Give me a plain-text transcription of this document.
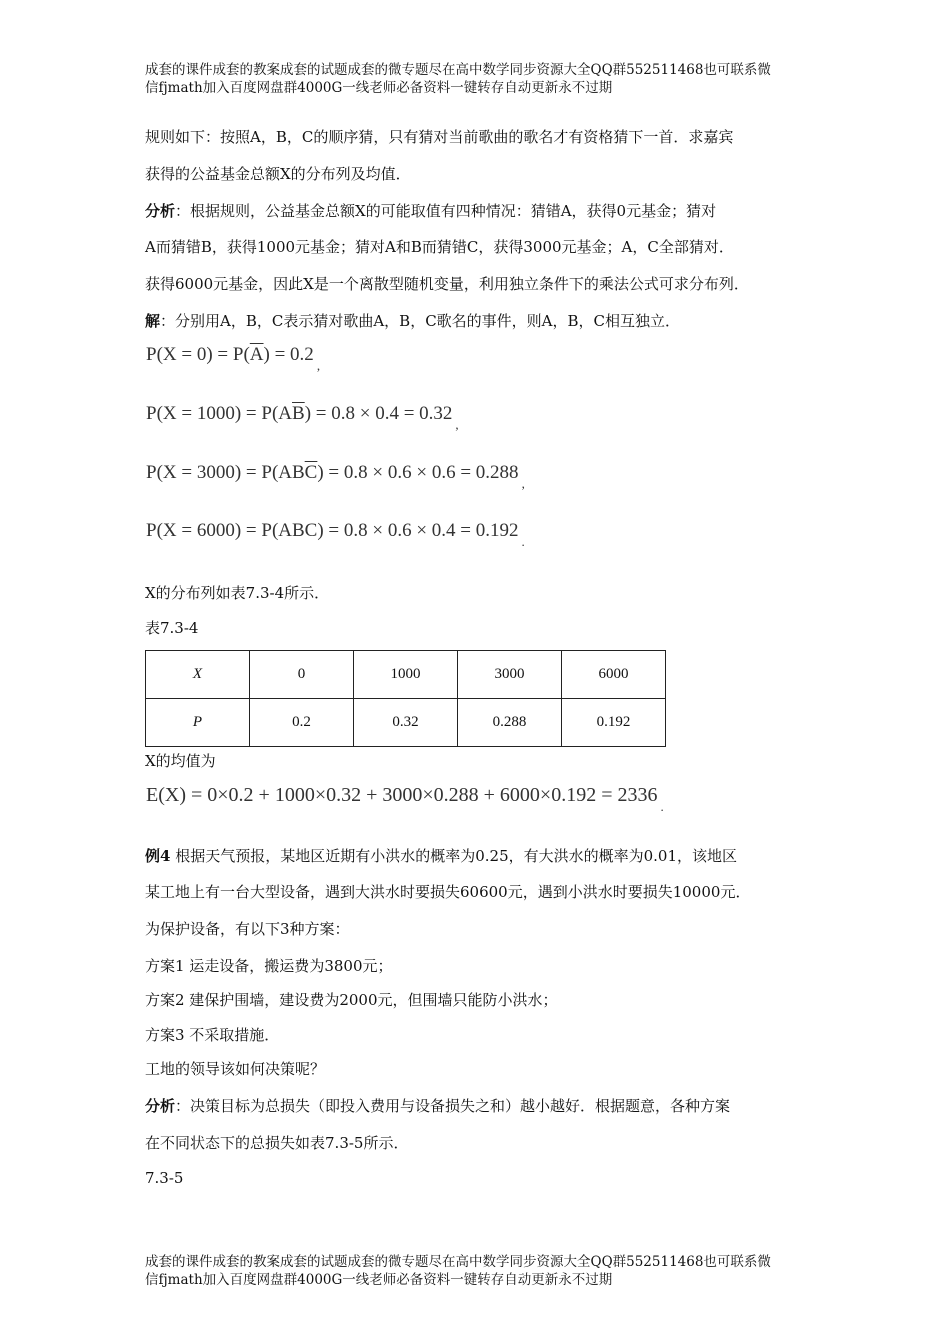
成套的课件成套的教案成套的试题成套的微专题尽在高中数学同步资源大全QQ群552511468也可联系微
信fjmath加入百度网盘群4000G一线老师必备资料一键转存自动更新永不过期
规则如下：按照A，B，C的顺序猜，只有猜对当前歌曲的歌名才有资格猜下一首．求嘉宾
获得的公益基金总额X的分布列及均值．
分析：根据规则，公益基金总额X的可能取值有四种情况：猜错A，获得0元基金；猜对
A而猜错B，获得1000元基金；猜对A和B而猜错C，获得3000元基金；A，C全部猜对．
获得6000元基金，因此X是一个离散型随机变量，利用独立条件下的乘法公式可求分布列．
解：分别用A，B，C表示猜对歌曲A，B，C歌名的事件，则A，B，C相互独立．
$P(X = 0) = P(\overline{A}) = 0.2_,$
$P(X = 1000) = P(A\overline{B}) = 0.8 \times 0.4 = 0.32_,$
$P(X = 3000) = P(AB\overline{C}) = 0.8 \times 0.6 \times 0.6 = 0.288_,$
$P(X = 6000) = P(ABC) = 0.8 \times 0.6 \times 0.4 = 0.192_.$
X的分布列如表7.3-4所示．
表7.3-4
X	0	1000	3000	6000
P	0.2	0.32	0.288	0.192
X的均值为
$E(X) = 0\times 0.2 + 1000\times 0.32 + 3000\times 0.288 + 6000\times 0.192 = 2336_.$
例4 根据天气预报，某地区近期有小洪水的概率为0.25，有大洪水的概率为0.01，该地区
某工地上有一台大型设备，遇到大洪水时要损失60600元，遇到小洪水时要损失10000元．
为保护设备，有以下3种方案：
方案1 运走设备，搬运费为3800元；
方案2 建保护围墙，建设费为2000元，但围墙只能防小洪水；
方案3 不采取措施．
工地的领导该如何决策呢？
分析：决策目标为总损失（即投入费用与设备损失之和）越小越好．根据题意，各种方案
在不同状态下的总损失如表7.3-5所示．
7.3-5
成套的课件成套的教案成套的试题成套的微专题尽在高中数学同步资源大全QQ群552511468也可联系微
信fjmath加入百度网盘群4000G一线老师必备资料一键转存自动更新永不过期
